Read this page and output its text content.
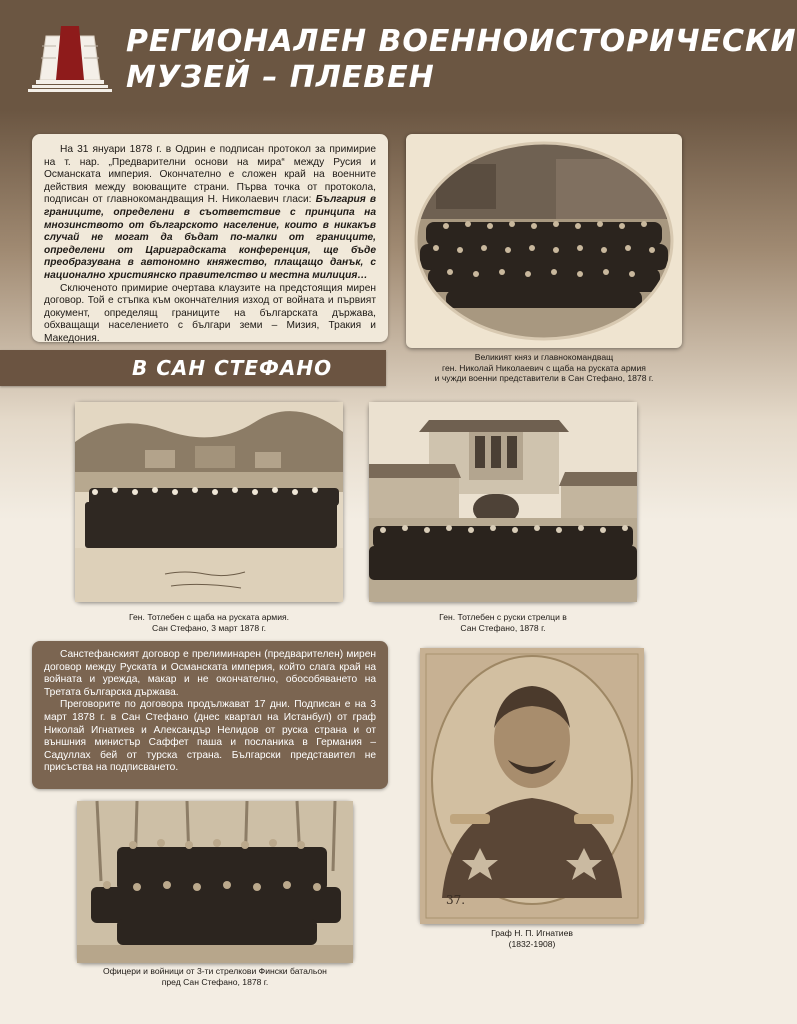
РЕГИОНАЛЕН ВОЕННОИСТОРИЧЕСКИ
МУЗЕЙ – ПЛЕВЕН

На 31 януари 1878 г. в Одрин е подписан протокол за примирие на т. нар. „Предварителни основи на мира“ между Русия и Османската империя. Окончателно е сложен край на военните действия между воюващите страни. Първа точка от протокола, подписан от главнокомандващия Н. Николаевич гласи: България в границите, определени в съответствие с принципа на мнозинството от българското население, които в никакъв случай не могат да бъдат по-малки от границите, определени от Цариградската конференция, ще бъде преобразувана в автономно княжество, плащащо данък, с национално християнско правителство и местна милиция…

Сключеното примирие очертава клаузите на предстоящия мирен договор. Той е стъпка към окончателния изход от войната и първият документ, определящ границите на българската държава, обхващащи населението с българи земи – Мизия, Тракия и Македония.

Великият княз и главнокомандващ
ген. Николай Николаевич с щаба на руската армия
и чужди военни представители в Сан Стефано, 1878 г.
В САН СТЕФАНО
Ген. Тотлебен с щаба на руската армия.
Сан Стефано, 3 март 1878 г.
Ген. Тотлебен с руски стрелци в
Сан Стефано, 1878 г.

Санстефанският договор е прелиминарен (предварителен) мирен договор между Руската и Османската империя, който слага край на войната и урежда, макар и не окончателно, обособяването на Третата българска държава.

Преговорите по договора продължават 17 дни. Подписан е на 3 март 1878 г. в Сан Стефано (днес квартал на Истанбул) от граф Николай Игнатиев и Александър Нелидов от руска страна и от външния министър Саффет паша и посланика в Германия – Садуллах бей от турска страна. Български представител не присъства на подписването.

37.
Граф Н. П. Игнатиев
(1832-1908)
Офицери и войници от 3-ти стрелкови Фински батальон
пред Сан Стефано, 1878 г.
